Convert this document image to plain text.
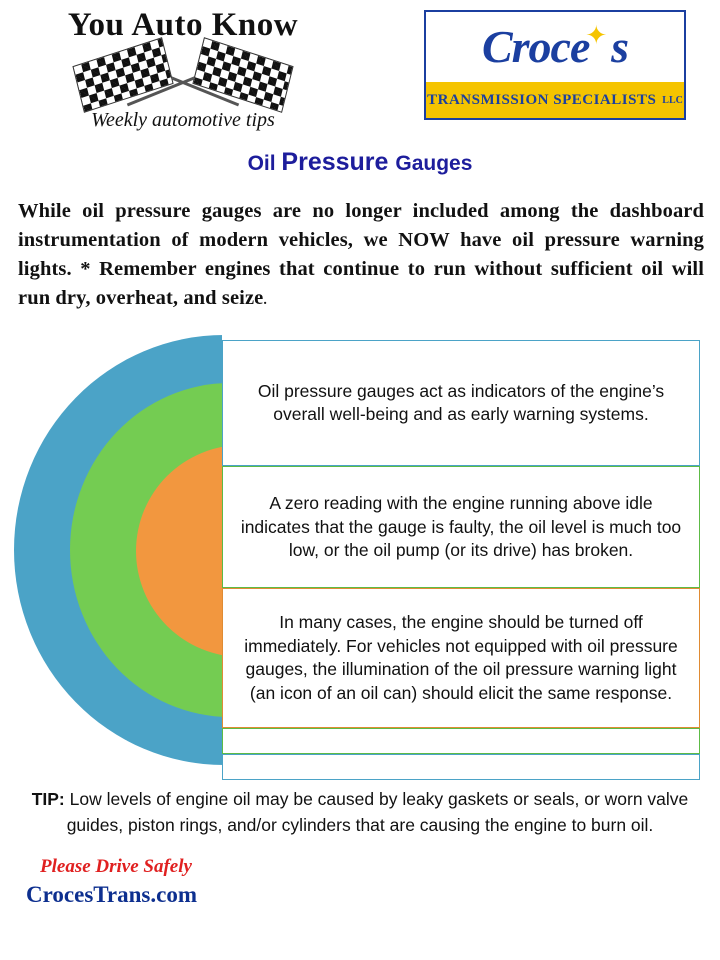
You Auto Know
Weekly automotive tips
Croce
✦ s
TRANSMISSION SPECIALISTS LLC
Oil Pressure Gauges
While oil pressure gauges are no longer included among the dashboard instrumentation of modern vehicles, we NOW have oil pressure warning lights. * Remember engines that continue to run without sufficient oil will run dry, overheat, and seize.
Oil pressure gauges act as indicators of the engine’s overall well-being and as early warning systems.
A zero reading with the engine running above idle indicates that the gauge is faulty, the oil level is much too low, or the oil pump (or its drive) has broken.
In many cases, the engine should be turned off immediately. For vehicles not equipped with oil pressure gauges, the illumination of the oil pressure warning light (an icon of an oil can) should elicit the same response.
TIP: Low levels of engine oil may be caused by leaky gaskets or seals, or worn valve guides, piston rings, and/or cylinders that are causing the engine to burn oil.
Please Drive Safely
CrocesTrans.com
